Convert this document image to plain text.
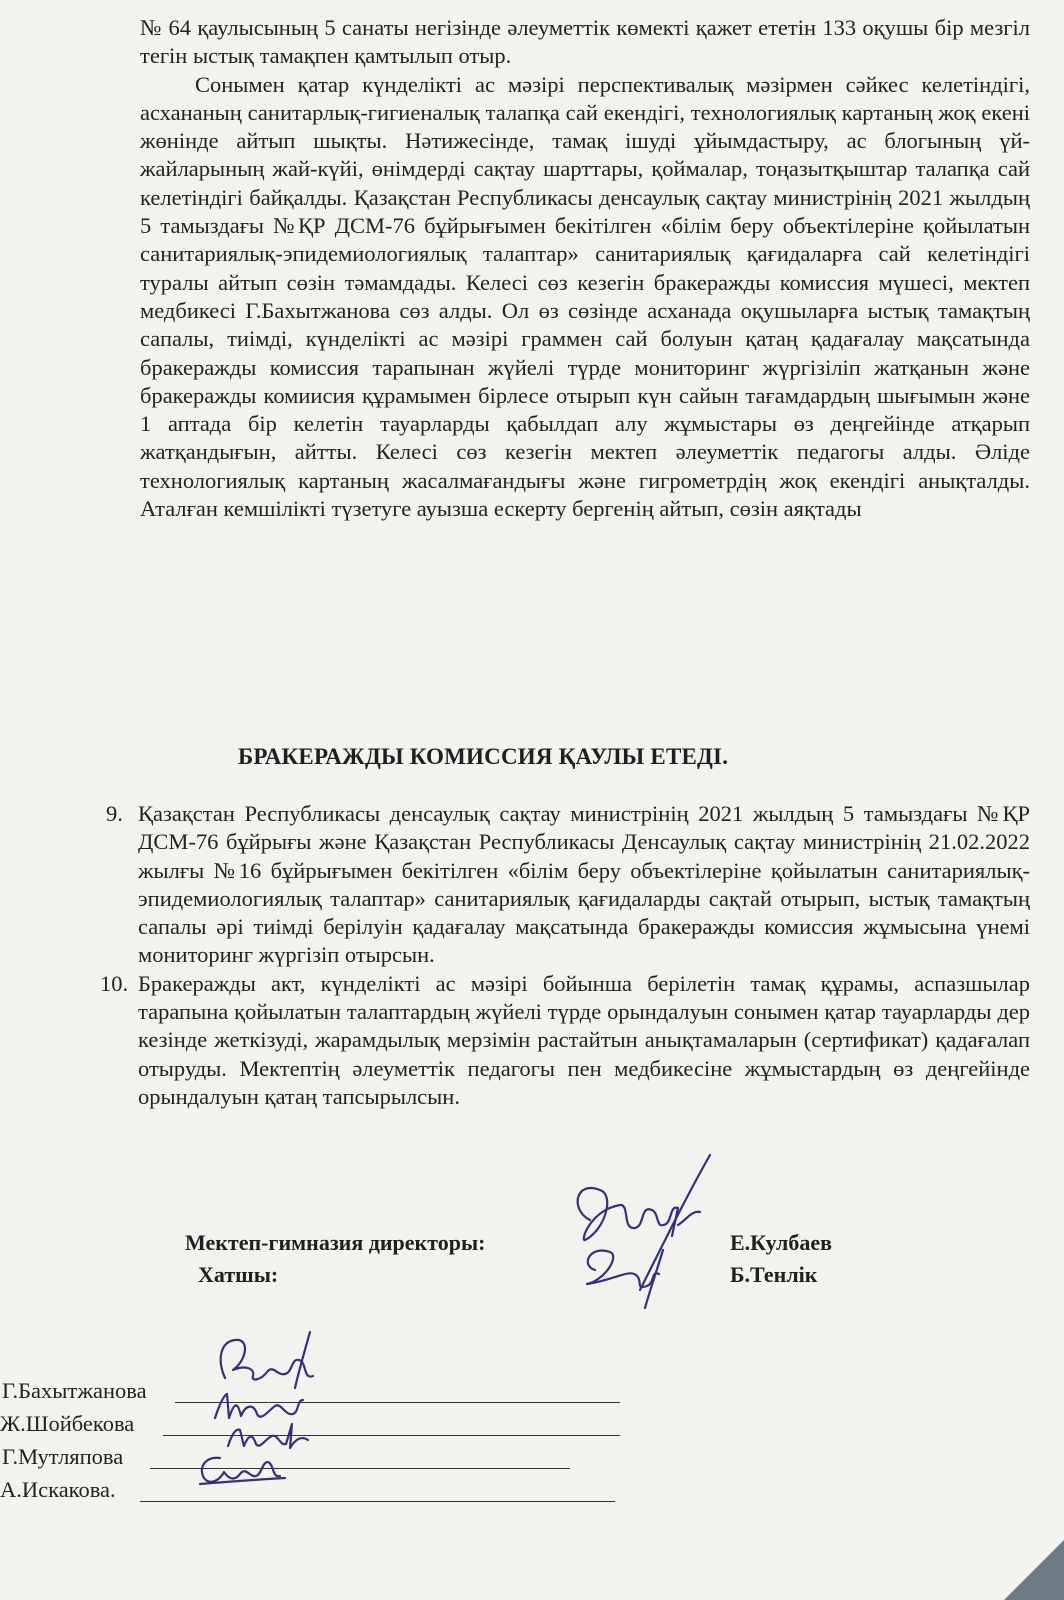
№ 64 қаулысының 5 санаты негізінде әлеуметтік көмекті қажет ететін 133 оқушы бір мезгіл тегін ыстық тамақпен қамтылып отыр.

Сонымен қатар күнделікті ас мәзірі перспективалық мәзірмен сәйкес келетіндігі, асхананың санитарлық-гигиеналық талапқа сай екендігі, технологиялық картаның жоқ екені жөнінде айтып шықты. Нәтижесінде, тамақ ішуді ұйымдастыру, ас блогының үй-жайларының жай-күйі, өнімдерді сақтау шарттары, қоймалар, тоңазытқыштар талапқа сай келетіндігі байқалды. Қазақстан Республикасы денсаулық сақтау министрінің 2021 жылдың 5 тамыздағы №ҚР ДСМ-76 бұйрығымен бекітілген «білім беру объектілеріне қойылатын санитариялық-эпидемиологиялық талаптар» санитариялық қағидаларға сай келетіндігі туралы айтып сөзін тәмамдады. Келесі сөз кезегін бракеражды комиссия мүшесі, мектеп медбикесі Г.Бахытжанова сөз алды. Ол өз сөзінде асханада оқушыларға ыстық тамақтың сапалы, тиімді, күнделікті ас мәзірі граммен сай болуын қатаң қадағалау мақсатында бракеражды комиссия тарапынан жүйелі түрде мониторинг жүргізіліп жатқанын және бракеражды комиисия құрамымен бірлесе отырып күн сайын тағамдардың шығымын және 1 аптада бір келетін тауарларды қабылдап алу жұмыстары өз деңгейінде атқарып жатқандығын, айтты. Келесі сөз кезегін мектеп әлеуметтік педагогы алды. Әліде технологиялық картаның жасалмағандығы және гигрометрдің жоқ екендігі анықталды. Аталған кемшілікті түзетуге ауызша ескерту бергенің айтып, сөзін аяқтады

БРАКЕРАЖДЫ КОМИССИЯ ҚАУЛЫ ЕТЕДІ.
9. Қазақстан Республикасы денсаулық сақтау министрінің 2021 жылдың 5 тамыздағы №ҚР ДСМ-76 бұйрығы және Қазақстан Республикасы Денсаулық сақтау министрінің 21.02.2022 жылғы №16 бұйрығымен бекітілген «білім беру объектілеріне қойылатын санитариялық-эпидемиологиялық талаптар» санитариялық қағидаларды сақтай отырып, ыстық тамақтың сапалы әрі тиімді берілуін қадағалау мақсатында бракеражды комиссия жұмысына үнемі мониторинг жүргізіп отырсын.
10. Бракеражды акт, күнделікті ас мәзірі бойынша берілетін тамақ құрамы, аспазшылар тарапына қойылатын талаптардың жүйелі түрде орындалуын сонымен қатар тауарларды дер кезінде жеткізуді, жарамдылық мерзімін растайтын анықтамаларын (сертификат) қадағалап отыруды. Мектептің әлеуметтік педагогы пен медбикесіне жұмыстардың өз деңгейінде орындалуын қатаң тапсырылсын.
Мектеп-гимназия директоры:	Е.Кулбаев
Хатшы:	Б.Тенлік
Г.Бахытжанова
Ж.Шойбекова
Г.Мутляпова
А.Искакова.
